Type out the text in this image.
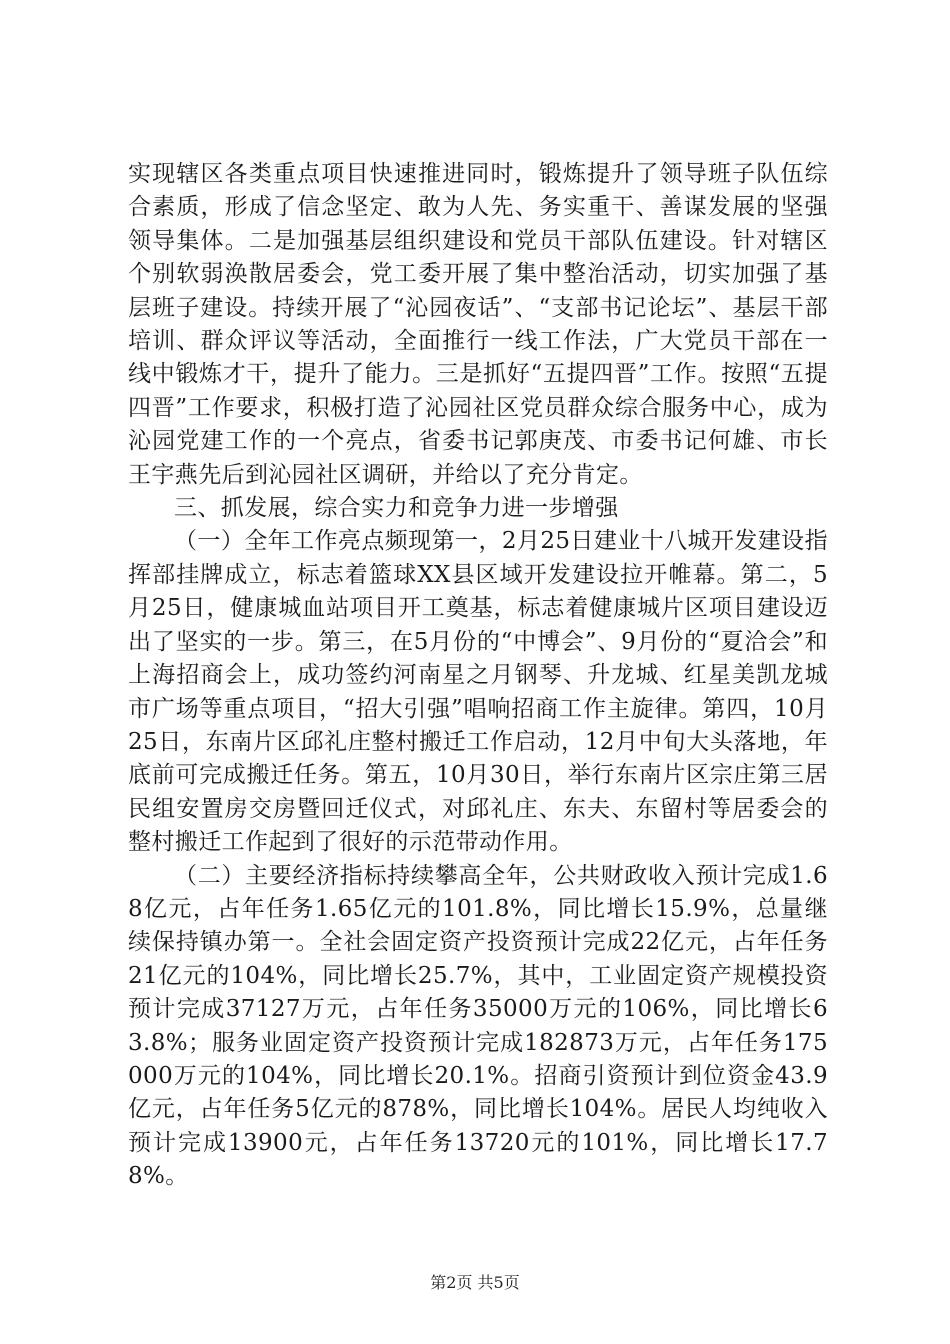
实现辖区各类重点项目快速推进同时，锻炼提升了领导班子队伍综合素质，形成了信念坚定、敢为人先、务实重干、善谋发展的坚强领导集体。二是加强基层组织建设和党员干部队伍建设。针对辖区个别软弱涣散居委会，党工委开展了集中整治活动，切实加强了基层班子建设。持续开展了“沁园夜话”、“支部书记论坛”、基层干部培训、群众评议等活动，全面推行一线工作法，广大党员干部在一线中锻炼才干，提升了能力。三是抓好“五提四晋”工作。按照“五提四晋”工作要求，积极打造了沁园社区党员群众综合服务中心，成为沁园党建工作的一个亮点，省委书记郭庚茂、市委书记何雄、市长王宇燕先后到沁园社区调研，并给以了充分肯定。

三、抓发展，综合实力和竞争力进一步增强

（一）全年工作亮点频现第一，2月25日建业十八城开发建设指挥部挂牌成立，标志着篮球XX县区域开发建设拉开帷幕。第二，5月25日，健康城血站项目开工奠基，标志着健康城片区项目建设迈出了坚实的一步。第三，在5月份的“中博会”、9月份的“夏洽会”和上海招商会上，成功签约河南星之月钢琴、升龙城、红星美凯龙城市广场等重点项目，“招大引强”唱响招商工作主旋律。第四，10月25日，东南片区邱礼庄整村搬迁工作启动，12月中旬大头落地，年底前可完成搬迁任务。第五，10月30日，举行东南片区宗庄第三居民组安置房交房暨回迁仪式，对邱礼庄、东夫、东留村等居委会的整村搬迁工作起到了很好的示范带动作用。

（二）主要经济指标持续攀高全年，公共财政收入预计完成1.68亿元，占年任务1.65亿元的101.8%，同比增长15.9%，总量继续保持镇办第一。全社会固定资产投资预计完成22亿元，占年任务21亿元的104%，同比增长25.7%，其中，工业固定资产规模投资预计完成37127万元，占年任务35000万元的106%，同比增长63.8%；服务业固定资产投资预计完成182873万元，占年任务175000万元的104%，同比增长20.1%。招商引资预计到位资金43.9亿元，占年任务5亿元的878%，同比增长104%。居民人均纯收入预计完成13900元，占年任务13720元的101%，同比增长17.78%。

第2页 共5页
